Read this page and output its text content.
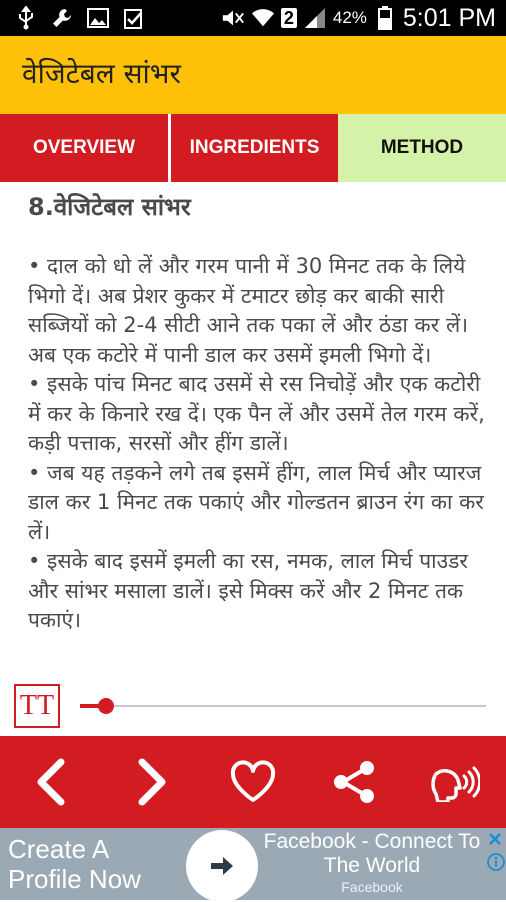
2 42% 5:01 PM
वेजिटेबल सांभर
OVERVIEW	INGREDIENTS	METHOD
8.वेजिटेबल सांभर

• दाल को धो लें और गरम पानी में 30 मिनट तक के लिये भिगो दें। अब प्रेशर कुकर में टमाटर छोड़ कर बाकी सारी सब्जियों को 2-4 सीटी आने तक पका लें और ठंडा कर लें। अब एक कटोरे में पानी डाल कर उसमें इमली भिगो दें।

• इसके पांच मिनट बाद उसमें से रस निचोड़ें और एक कटोरी में कर के किनारे रख दें। एक पैन लें और उसमें तेल गरम करें, कड़ी पत्ताक, सरसों और हींग डालें।

• जब यह तड़कने लगे तब इसमें हींग, लाल मिर्च और प्यारज डाल कर 1 मिनट तक पकाएं और गोल्डतन ब्राउन रंग का कर लें।

• इसके बाद इसमें इमली का रस, नमक, लाल मिर्च पाउडर और सांभर मसाला डालें। इसे मिक्स करें और 2 मिनट तक पकाएं।

TT
Create A
Profile Now
Facebook - Connect To
The World
Facebook
